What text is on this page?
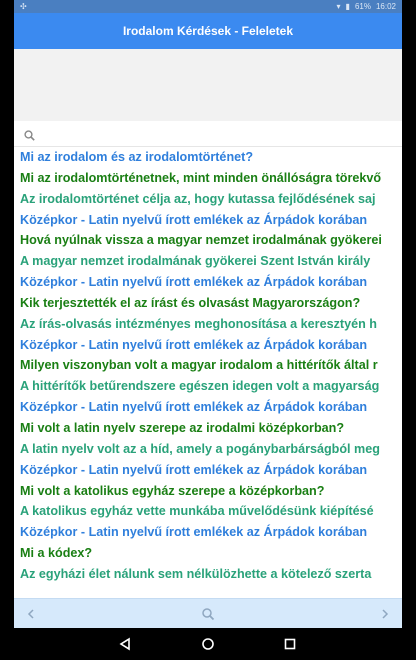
✣	▾ ▮ 61% 16:02
Irodalom Kérdések - Feleletek
Mi az irodalom és az irodalomtörténet?
Mi az irodalomtörténetnek, mint minden önállóságra törekvő
Az irodalomtörténet célja az, hogy kutassa fejlődésének saj
Középkor - Latin nyelvű írott emlékek az Árpádok korában
Hová nyúlnak vissza a magyar nemzet irodalmának gyökerei
A magyar nemzet irodalmának gyökerei Szent István király
Középkor - Latin nyelvű írott emlékek az Árpádok korában
Kik terjesztették el az írást és olvasást Magyarországon?
Az írás-olvasás intézményes meghonosítása a keresztyén h
Középkor - Latin nyelvű írott emlékek az Árpádok korában
Milyen viszonyban volt a magyar irodalom a hittérítők által r
A hittérítők betűrendszere egészen idegen volt a magyarság
Középkor - Latin nyelvű írott emlékek az Árpádok korában
Mi volt a latin nyelv szerepe az irodalmi középkorban?
A latin nyelv volt az a híd, amely a pogánybarbárságból meg
Középkor - Latin nyelvű írott emlékek az Árpádok korában
Mi volt a katolikus egyház szerepe a középkorban?
A katolikus egyház vette munkába művelődésünk kiépítésé
Középkor - Latin nyelvű írott emlékek az Árpádok korában
Mi a kódex?
Az egyházi élet nálunk sem nélkülözhette a kötelező szerta
